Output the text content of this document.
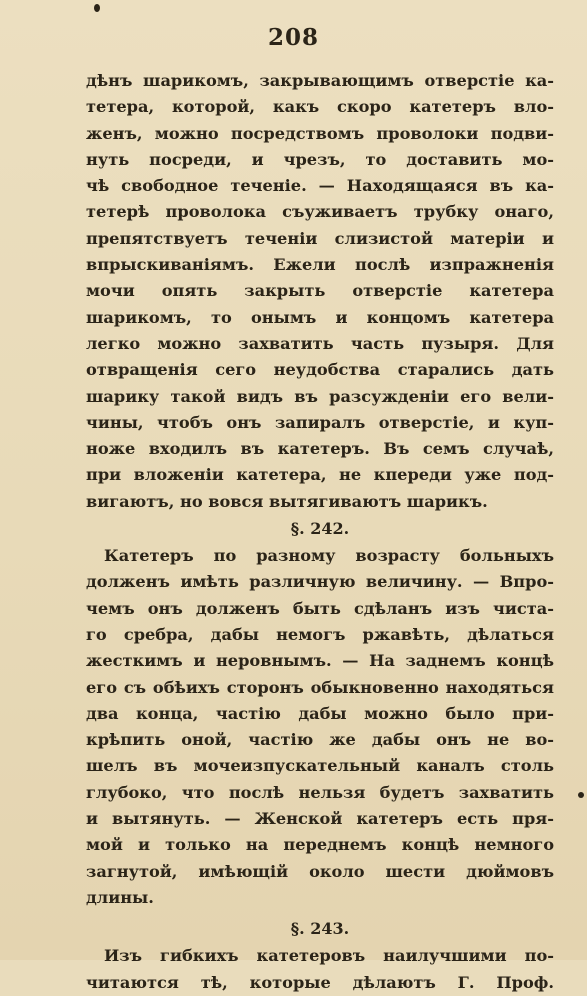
208
дѣнъ шарикомъ, закрывающимъ отверстіе ка-
тетера, которой, какъ скоро катетеръ вло-
женъ, можно посредствомъ проволоки подви-
нуть посреди, и чрезъ, то доставить мо-
чѣ свободное теченіе. — Находящаяся въ ка-
тетерѣ проволока съуживаетъ трубку онаго,
препятствуетъ теченіи слизистой матеріи и
впрыскиваніямъ. Ежели послѣ изпражненія
мочи опять закрыть отверстіе катетера
шарикомъ, то онымъ и концомъ катетера
легко можно захватить часть пузыря. Для
отвращенія сего неудобства старались дать
шарику такой видъ въ разсужденіи его вели-
чины, чтобъ онъ запиралъ отверстіе, и куп-
ноже входилъ въ катетеръ. Въ семъ случаѣ,
при вложеніи катетера, не кпереди уже под-
вигаютъ, но вовся вытягиваютъ шарикъ.
§. 242.
Катетеръ по разному возрасту больныхъ
долженъ имѣть различную величину. — Впро-
чемъ онъ долженъ быть сдѣланъ изъ чиста-
го сребра, дабы немогъ ржавѣть, дѣлаться
жесткимъ и неровнымъ. — На заднемъ концѣ
его съ обѣихъ сторонъ обыкновенно находяться
два конца, частію дабы можно было при-
крѣпить оной, частію же дабы онъ не во-
шелъ въ мочеизпускательный каналъ столь
глубоко, что послѣ нельзя будетъ захватить
и вытянуть. — Женской катетеръ есть пря-
мой и только на переднемъ концѣ немного
загнутой, имѣющій около шести дюймовъ
длины.
§. 243.
Изъ гибкихъ катетеровъ наилучшими по-
читаются тѣ, которые дѣлаютъ Г. Проф.
